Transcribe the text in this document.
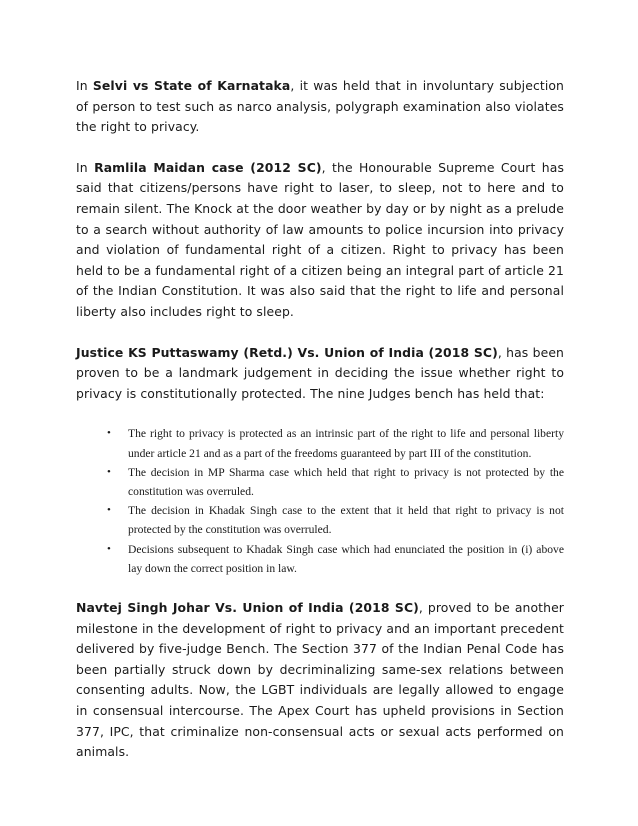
In Selvi vs State of Karnataka, it was held that in involuntary subjection of person to test such as narco analysis, polygraph examination also violates the right to privacy.

In Ramlila Maidan case (2012 SC), the Honourable Supreme Court has said that citizens/persons have right to laser, to sleep, not to here and to remain silent. The Knock at the door weather by day or by night as a prelude to a search without authority of law amounts to police incursion into privacy and violation of fundamental right of a citizen. Right to privacy has been held to be a fundamental right of a citizen being an integral part of article 21 of the Indian Constitution. It was also said that the right to life and personal liberty also includes right to sleep.

Justice KS Puttaswamy (Retd.) Vs. Union of India (2018 SC), has been proven to be a landmark judgement in deciding the issue whether right to privacy is constitutionally protected. The nine Judges bench has held that:

• The right to privacy is protected as an intrinsic part of the right to life and personal liberty under article 21 and as a part of the freedoms guaranteed by part III of the constitution.
• The decision in MP Sharma case which held that right to privacy is not protected by the constitution was overruled.
• The decision in Khadak Singh case to the extent that it held that right to privacy is not protected by the constitution was overruled.
• Decisions subsequent to Khadak Singh case which had enunciated the position in (i) above lay down the correct position in law.

Navtej Singh Johar Vs. Union of India (2018 SC), proved to be another milestone in the development of right to privacy and an important precedent delivered by five-judge Bench. The Section 377 of the Indian Penal Code has been partially struck down by decriminalizing same-sex relations between consenting adults. Now, the LGBT individuals are legally allowed to engage in consensual intercourse. The Apex Court has upheld provisions in Section 377, IPC, that criminalize non-consensual acts or sexual acts performed on animals.
